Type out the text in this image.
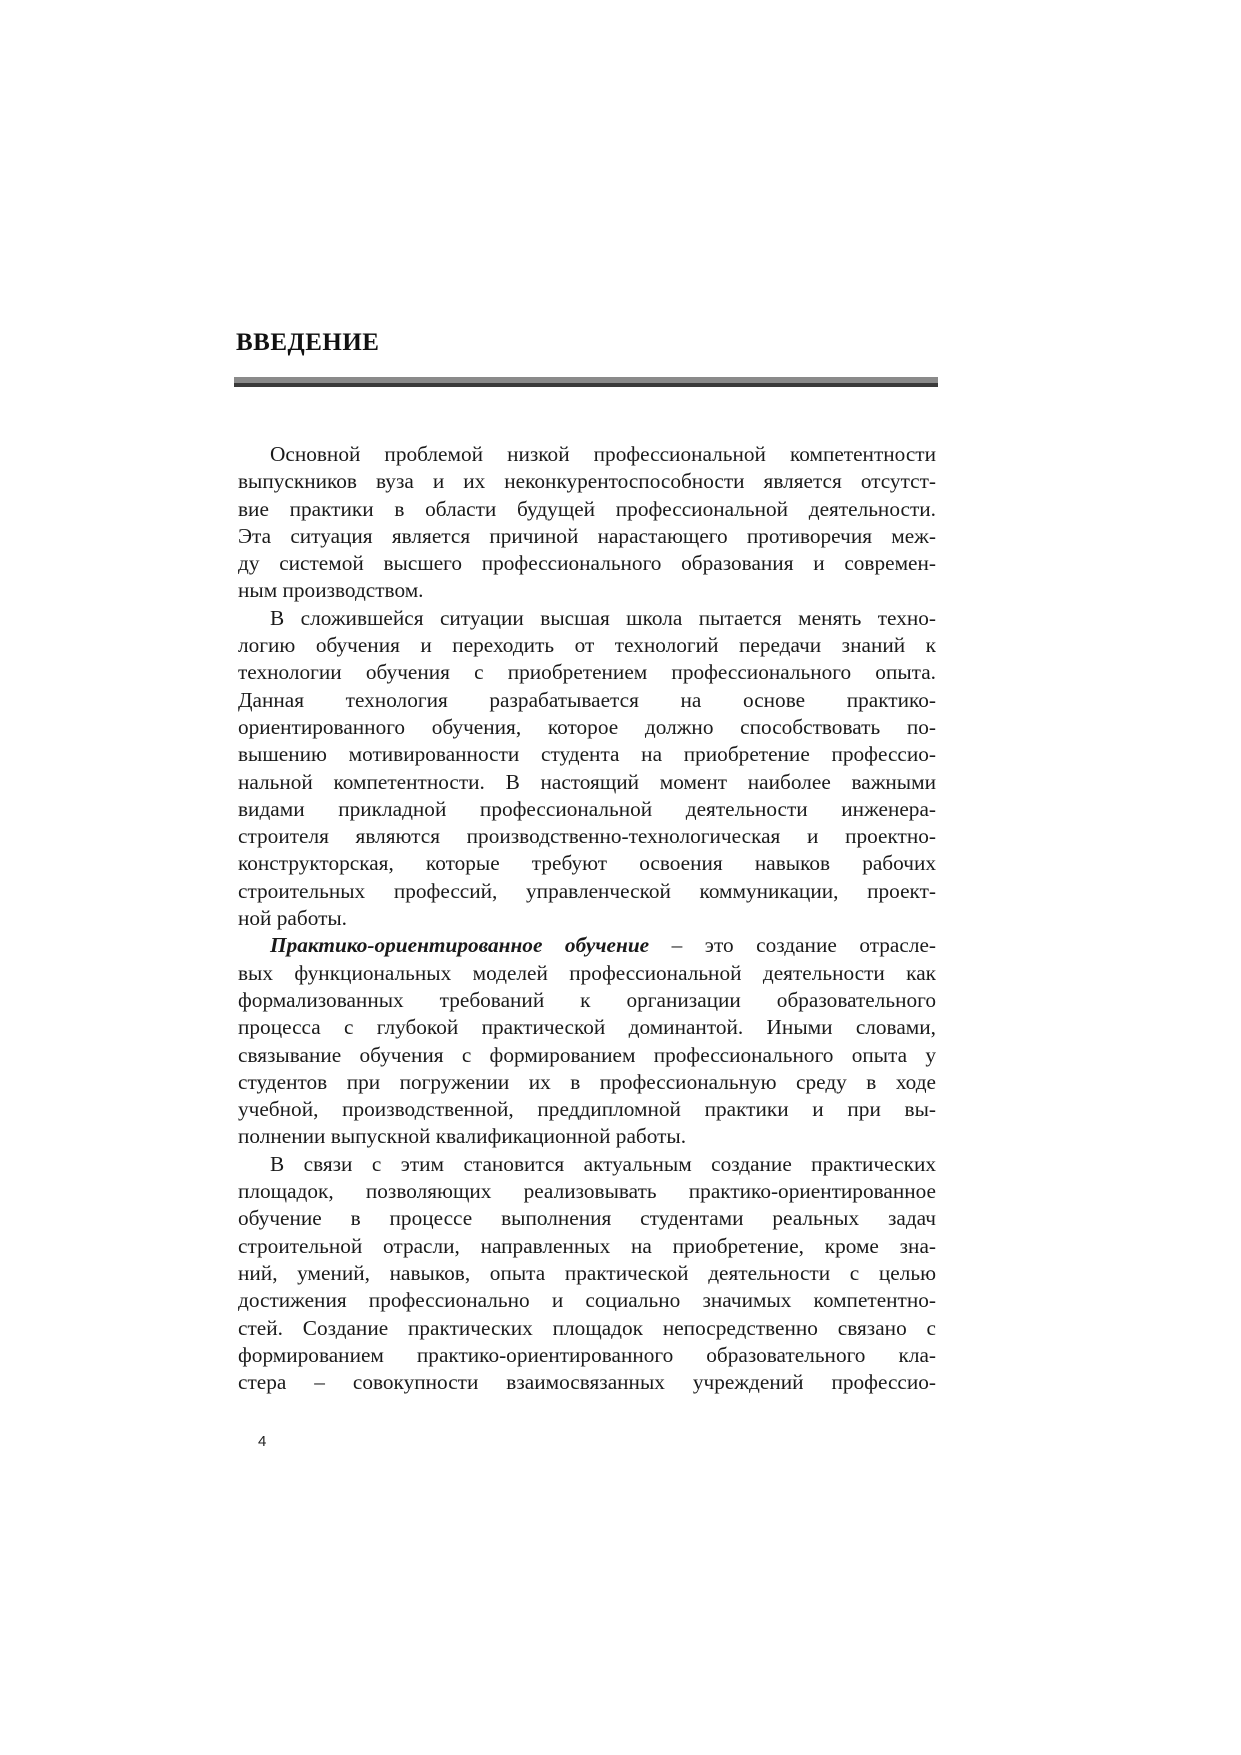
ВВЕДЕНИЕ
Основной проблемой низкой профессиональной компетентности
выпускников вуза и их неконкурентоспособности является отсутст-
вие практики в области будущей профессиональной деятельности.
Эта ситуация является причиной нарастающего противоречия меж-
ду системой высшего профессионального образования и современ-
ным производством.
В сложившейся ситуации высшая школа пытается менять техно-
логию обучения и переходить от технологий передачи знаний к
технологии обучения с приобретением профессионального опыта.
Данная технология разрабатывается на основе практико-
ориентированного обучения, которое должно способствовать по-
вышению мотивированности студента на приобретение профессио-
нальной компетентности. В настоящий момент наиболее важными
видами прикладной профессиональной деятельности инженера-
строителя являются производственно-технологическая и проектно-
конструкторская, которые требуют освоения навыков рабочих
строительных профессий, управленческой коммуникации, проект-
ной работы.
Практико-ориентированное обучение – это создание отрасле-
вых функциональных моделей профессиональной деятельности как
формализованных требований к организации образовательного
процесса с глубокой практической доминантой. Иными словами,
связывание обучения с формированием профессионального опыта у
студентов при погружении их в профессиональную среду в ходе
учебной, производственной, преддипломной практики и при вы-
полнении выпускной квалификационной работы.
В связи с этим становится актуальным создание практических
площадок, позволяющих реализовывать практико-ориентированное
обучение в процессе выполнения студентами реальных задач
строительной отрасли, направленных на приобретение, кроме зна-
ний, умений, навыков, опыта практической деятельности с целью
достижения профессионально и социально значимых компетентно-
стей. Создание практических площадок непосредственно связано с
формированием практико-ориентированного образовательного кла-
стера – совокупности взаимосвязанных учреждений профессио-
4
